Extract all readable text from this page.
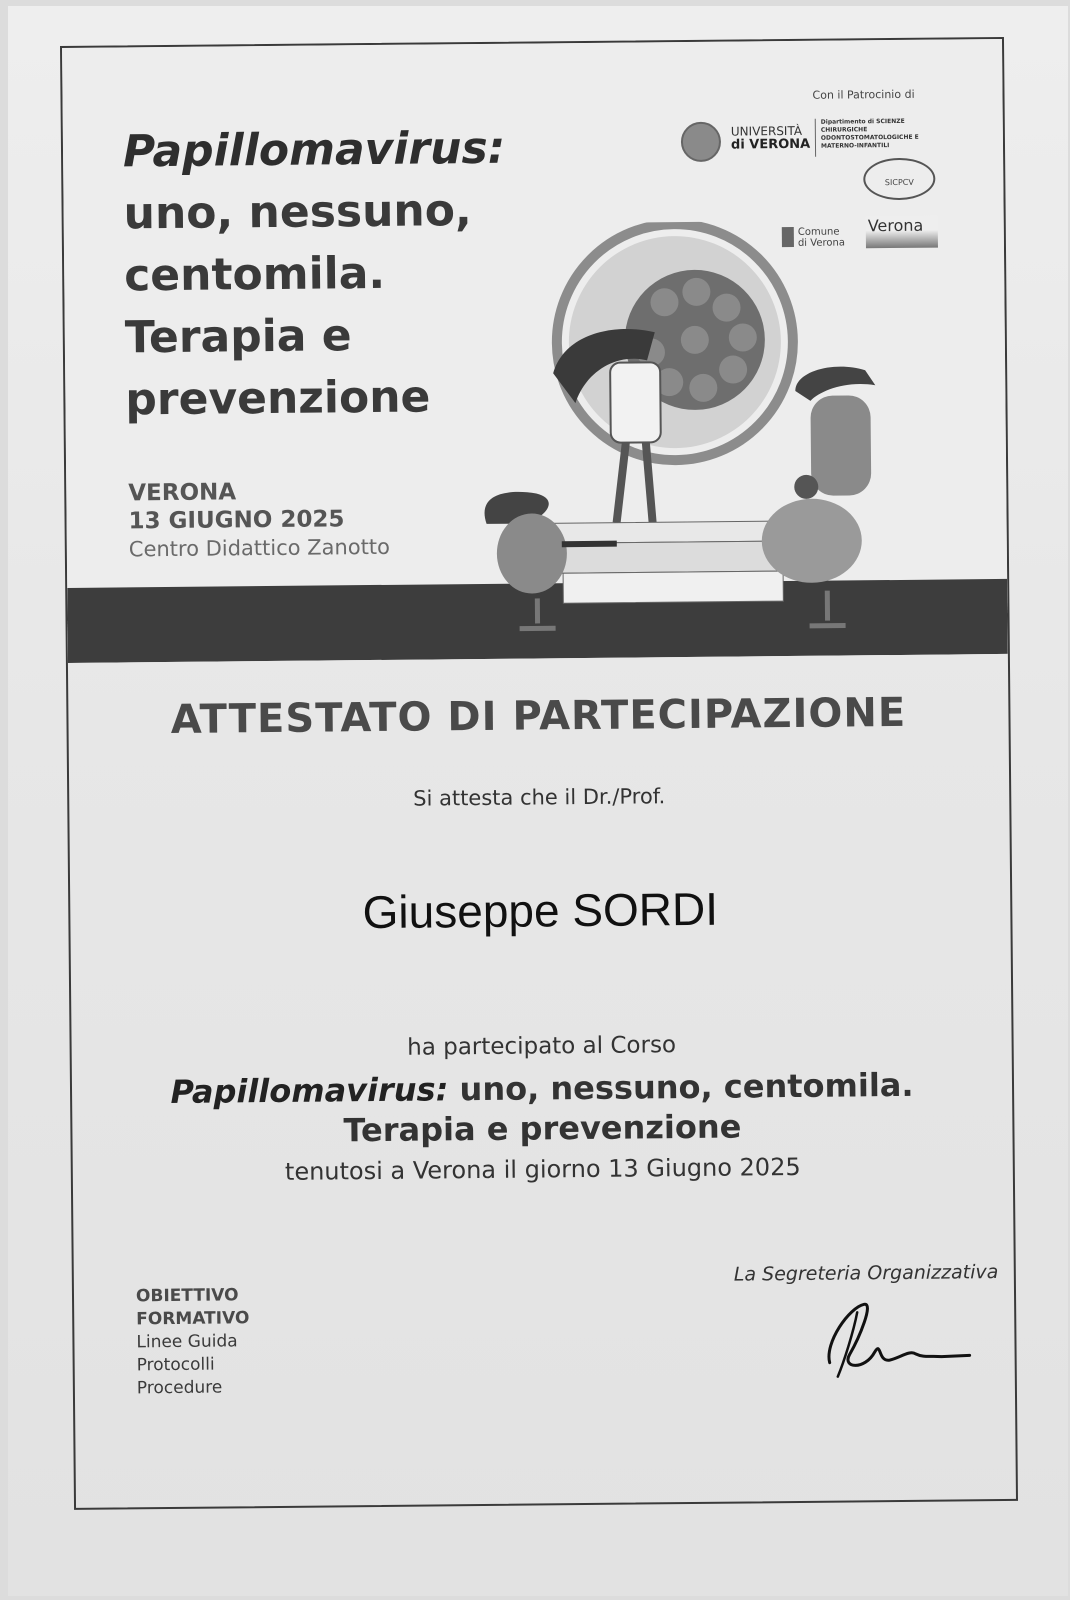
Papillomavirus:
uno, nessuno,
centomila.
Terapia e
prevenzione
VERONA
13 GIUGNO 2025
Centro Didattico Zanotto
Con il Patrocinio di
UNIVERSITÀ
di VERONA
Dipartimento di SCIENZE CHIRURGICHE ODONTOSTOMATOLOGICHE E MATERNO-INFANTILI
SICPCV
Comune
di Verona
Verona
ATTESTATO DI PARTECIPAZIONE
Si attesta che il Dr./Prof.
Giuseppe SORDI
ha partecipato al Corso
Papillomavirus: uno, nessuno, centomila.
Terapia e prevenzione
tenutosi a Verona il giorno 13 Giugno 2025
OBIETTIVO
FORMATIVO
Linee Guida
Protocolli
Procedure
La Segreteria Organizzativa
